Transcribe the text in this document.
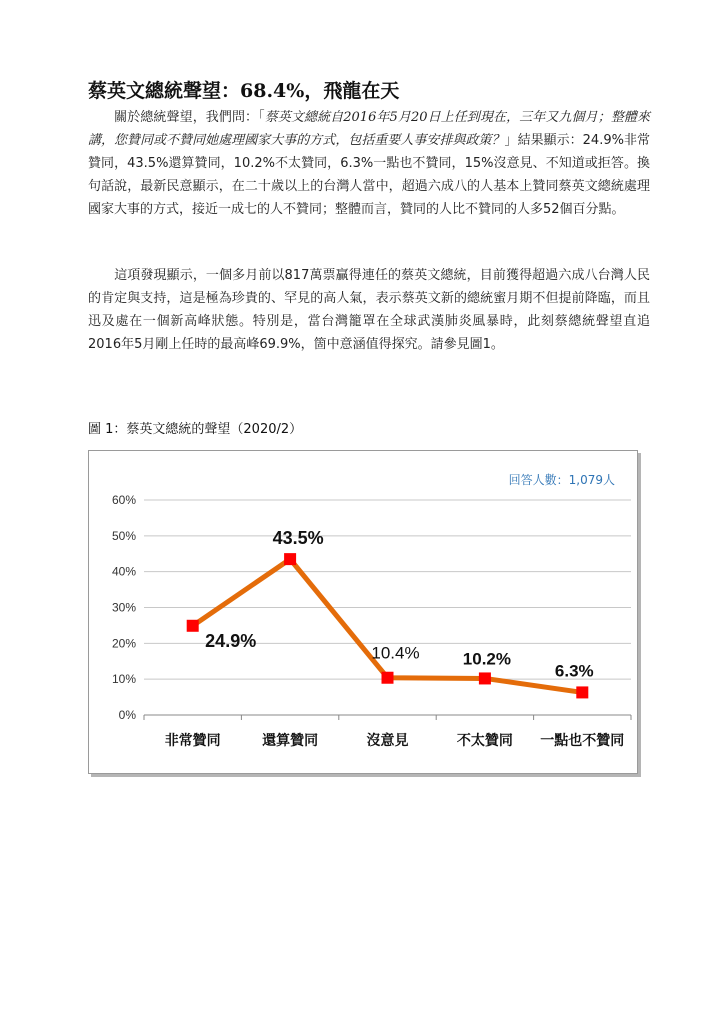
蔡英文總統聲望：68.4%，飛龍在天

　　關於總統聲望，我們問：「蔡英文總統自2016年5月20日上任到現在，三年又九個月；整體來講，您贊同或不贊同她處理國家大事的方式，包括重要人事安排與政策？」結果顯示：24.9%非常贊同，43.5%還算贊同，10.2%不太贊同，6.3%一點也不贊同，15%沒意見、不知道或拒答。換句話說，最新民意顯示，在二十歲以上的台灣人當中，超過六成八的人基本上贊同蔡英文總統處理國家大事的方式，接近一成七的人不贊同；整體而言，贊同的人比不贊同的人多52個百分點。

　　這項發現顯示，一個多月前以817萬票贏得連任的蔡英文總統，目前獲得超過六成八台灣人民的肯定與支持，這是極為珍貴的、罕見的高人氣，表示蔡英文新的總統蜜月期不但提前降臨，而且迅及處在一個新高峰狀態。特別是，當台灣籠罩在全球武漢肺炎風暴時，此刻蔡總統聲望直追2016年5月剛上任時的最高峰69.9%，箇中意涵值得探究。請參見圖1。

圖 1：蔡英文總統的聲望（2020/2）

回答人數：1,079人
0%
10%
20%
30%
40%
50%
60%
非常贊同	還算贊同	沒意見	不太贊同 一點也不贊同
24.9%
43.5%
10.4%	10.2%
6.3%
